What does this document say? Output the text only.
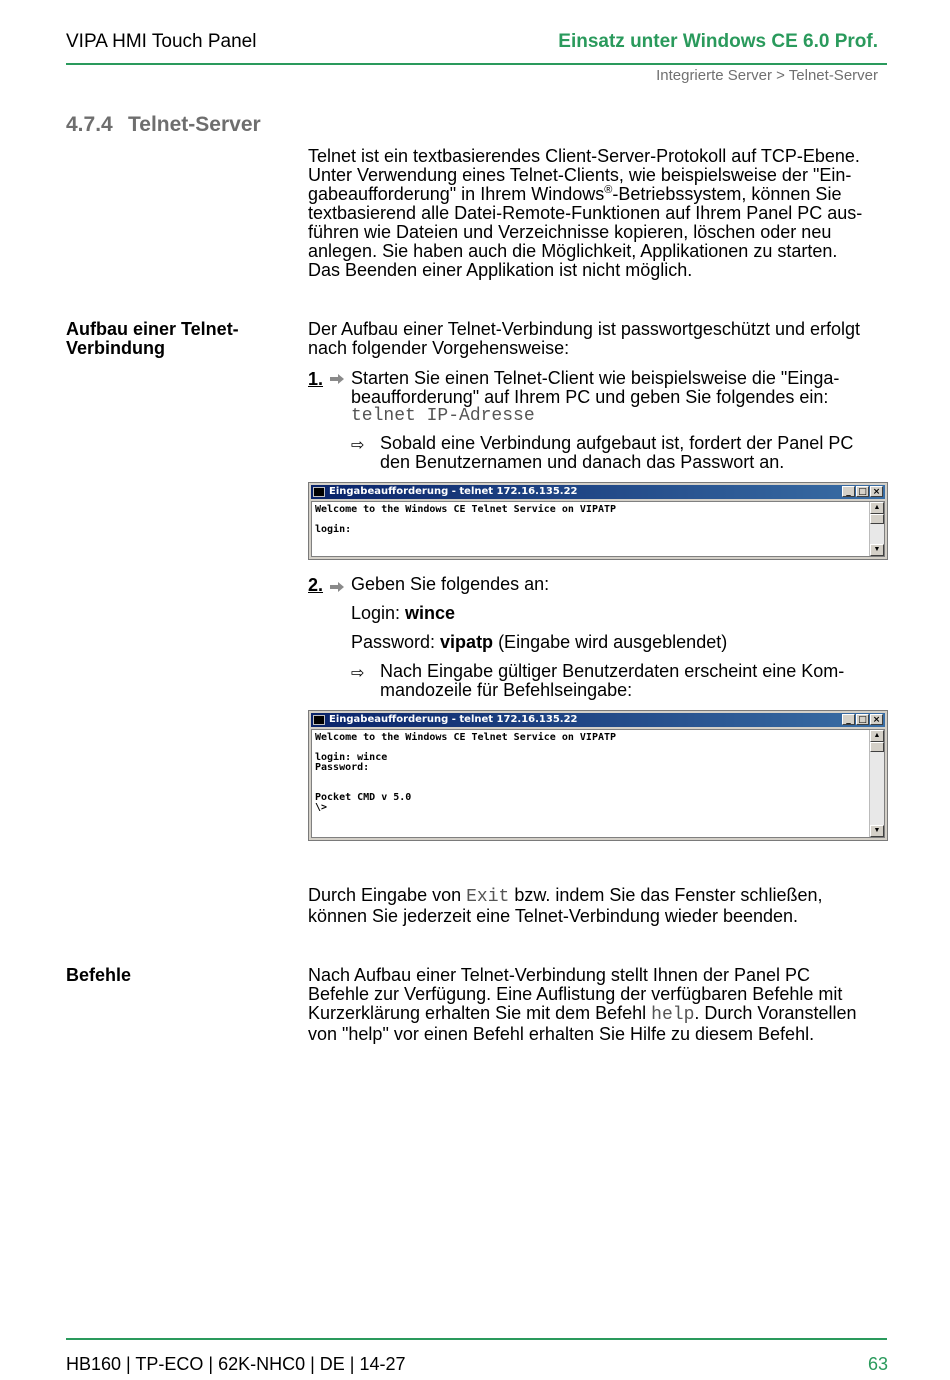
VIPA HMI Touch Panel	Einsatz unter Windows CE 6.0 Prof.
Integrierte Server > Telnet-Server
4.7.4 Telnet-Server
Telnet ist ein textbasierendes Client-Server-Protokoll auf TCP-Ebene.
Unter Verwendung eines Telnet-Clients, wie beispielsweise der "Ein-
gabeaufforderung" in Ihrem Windows®-Betriebssystem, können Sie
textbasierend alle Datei-Remote-Funktionen auf Ihrem Panel PC aus-
führen wie Dateien und Verzeichnisse kopieren, löschen oder neu
anlegen. Sie haben auch die Möglichkeit, Applikationen zu starten.
Das Beenden einer Applikation ist nicht möglich.
Aufbau einer Telnet-
Verbindung
Der Aufbau einer Telnet-Verbindung ist passwortgeschützt und erfolgt
nach folgender Vorgehensweise:
1. Starten Sie einen Telnet-Client wie beispielsweise die "Einga-
beaufforderung" auf Ihrem PC und geben Sie folgendes ein:
telnet IP-Adresse
⇨ Sobald eine Verbindung aufgebaut ist, fordert der Panel PC
den Benutzernamen und danach das Passwort an.
Eingabeaufforderung - telnet 172.16.135.22	_ □ ×
Welcome to the Windows CE Telnet Service on VIPATP
login:
▲
▼
2. Geben Sie folgendes an:
Login: wince
Password: vipatp (Eingabe wird ausgeblendet)
⇨ Nach Eingabe gültiger Benutzerdaten erscheint eine Kom-
mandozeile für Befehlseingabe:
Eingabeaufforderung - telnet 172.16.135.22	_ □ ×
Welcome to the Windows CE Telnet Service on VIPATP
login: wince
Password:
Pocket CMD v 5.0
\>
▲
▼
Durch Eingabe von Exit bzw. indem Sie das Fenster schließen,
können Sie jederzeit eine Telnet-Verbindung wieder beenden.
Befehle	Nach Aufbau einer Telnet-Verbindung stellt Ihnen der Panel PC
Befehle zur Verfügung. Eine Auflistung der verfügbaren Befehle mit
Kurzerklärung erhalten Sie mit dem Befehl help. Durch Voranstellen
von "help" vor einen Befehl erhalten Sie Hilfe zu diesem Befehl.
HB160 | TP-ECO | 62K-NHC0 | DE | 14-27	63
